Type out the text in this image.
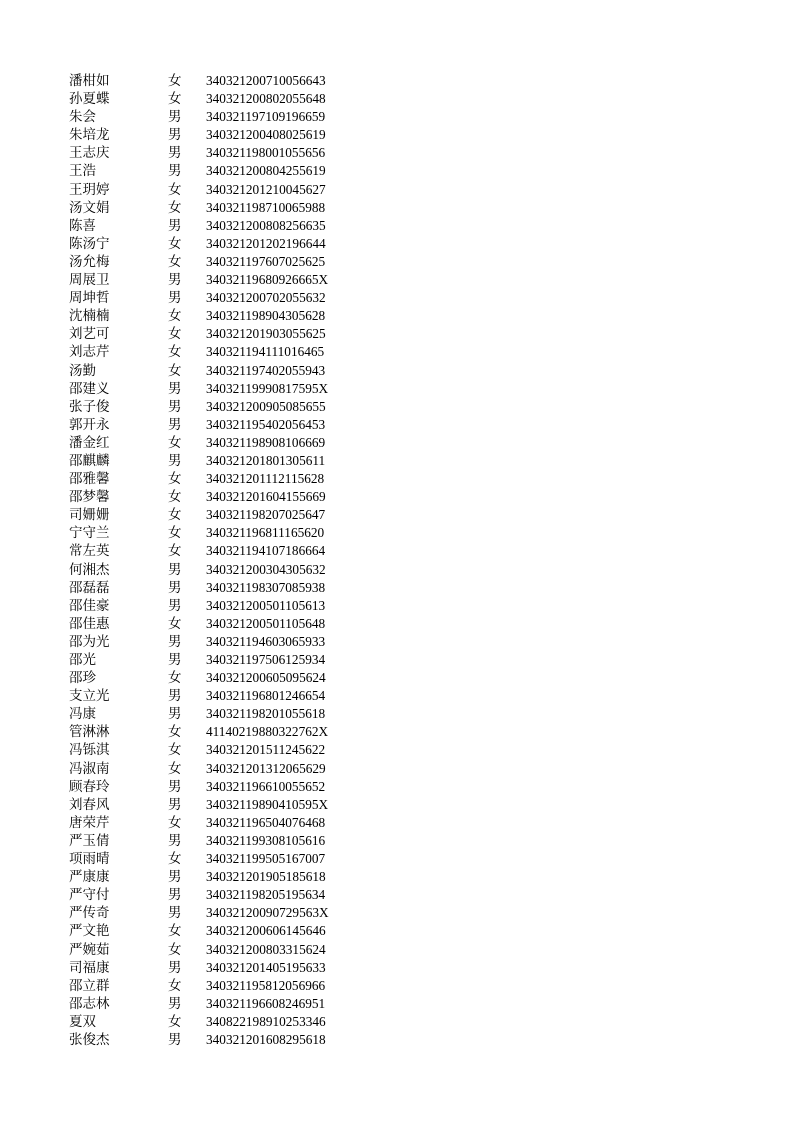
潘柑如	女 340321200710056643
孙夏蝶	女 340321200802055648
朱会	男 340321197109196659
朱培龙	男 340321200408025619
王志庆	男 340321198001055656
王浩	男 340321200804255619
王玥婷	女 340321201210045627
汤文娟	女 340321198710065988
陈喜	男 340321200808256635
陈汤宁	女 340321201202196644
汤允梅	女 340321197607025625
周展卫	男 34032119680926665X
周坤哲	男 340321200702055632
沈楠楠	女 340321198904305628
刘艺可	女 340321201903055625
刘志芹	女 340321194111016465
汤勤	女 340321197402055943
邵建义	男 34032119990817595X
张子俊	男 340321200905085655
郭开永	男 340321195402056453
潘金红	女 340321198908106669
邵麒麟	男 340321201801305611
邵雅馨	女 340321201112115628
邵梦馨	女 340321201604155669
司姗姗	女 340321198207025647
宁守兰	女 340321196811165620
常左英	女 340321194107186664
何湘杰	男 340321200304305632
邵磊磊	男 340321198307085938
邵佳豪	男 340321200501105613
邵佳惠	女 340321200501105648
邵为光	男 340321194603065933
邵光	男 340321197506125934
邵珍	女 340321200605095624
支立光	男 340321196801246654
冯康	男 340321198201055618
管淋淋	女 41140219880322762X
冯铄淇	女 340321201511245622
冯淑南	女 340321201312065629
顾春玲	男 340321196610055652
刘春风	男 34032119890410595X
唐荣芹	女 340321196504076468
严玉倩	男 340321199308105616
项雨晴	女 340321199505167007
严康康	男 340321201905185618
严守付	男 340321198205195634
严传奇	男 34032120090729563X
严文艳	女 340321200606145646
严婉茹	女 340321200803315624
司福康	男 340321201405195633
邵立群	女 340321195812056966
邵志林	男 340321196608246951
夏双	女 340822198910253346
张俊杰	男 340321201608295618
